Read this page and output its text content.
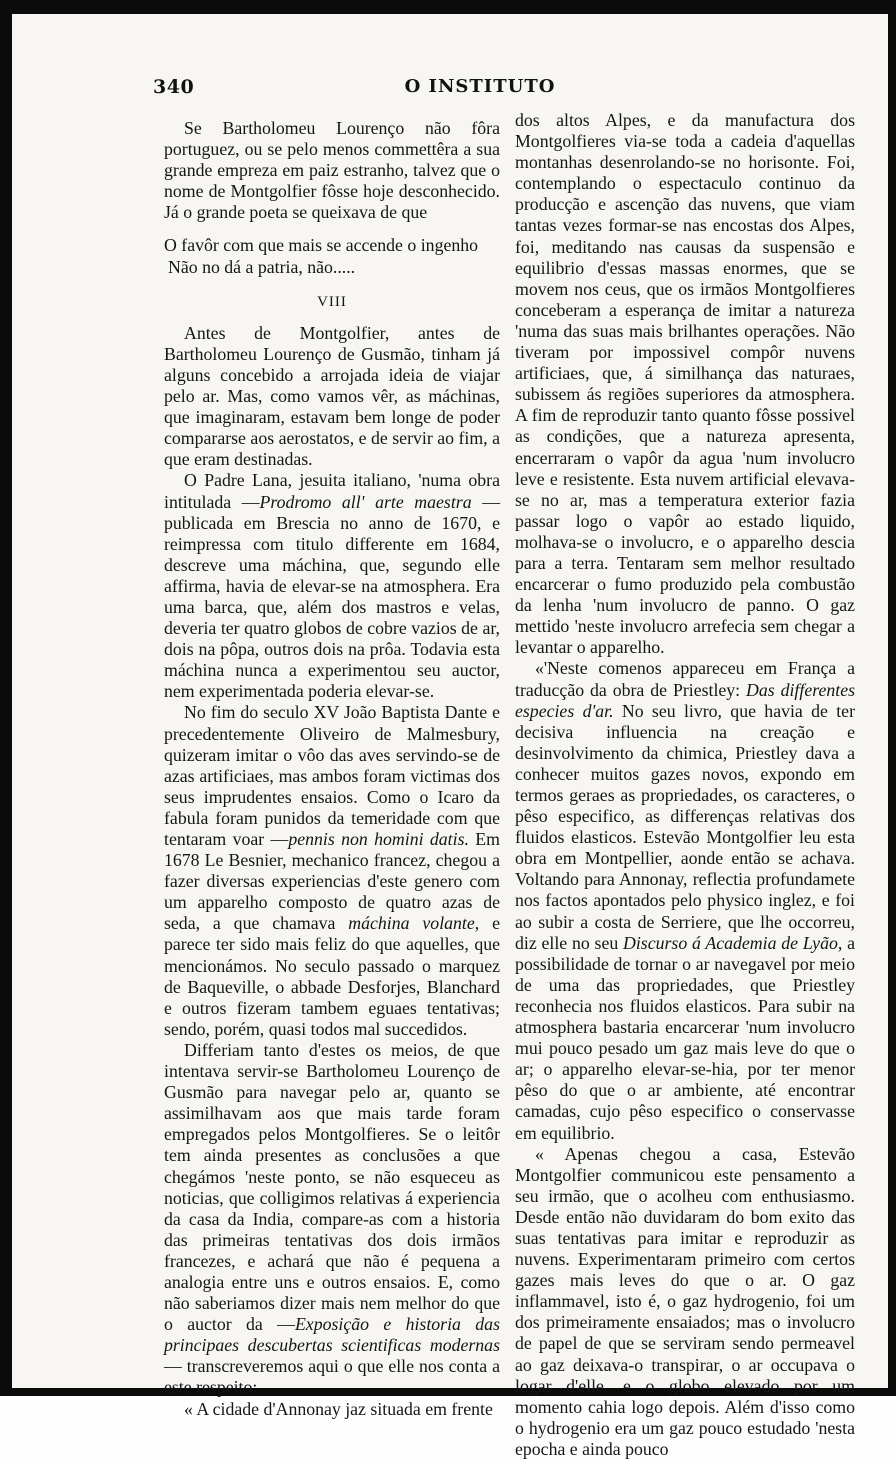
340	O INSTITUTO

Se Bartholomeu Lourenço não fôra portuguez, ou se pelo menos commettêra a sua grande empreza em paiz estranho, talvez que o nome de Montgolfier fôsse hoje desconhecido. Já o grande poeta se queixava de que

O favôr com que mais se accende o ingenho
Não no dá a patria, não.....
VIII

Antes de Montgolfier, antes de Bartholomeu Lourenço de Gusmão, tinham já alguns concebido a arrojada ideia de viajar pelo ar. Mas, como vamos vêr, as máchinas, que imaginaram, estavam bem longe de poder compararse aos aerostatos, e de servir ao fim, a que eram destinadas.

O Padre Lana, jesuita italiano, 'numa obra intitulada —Prodromo all' arte maestra — publicada em Brescia no anno de 1670, e reimpressa com titulo differente em 1684, descreve uma máchina, que, segundo elle affirma, havia de elevar-se na atmosphera. Era uma barca, que, além dos mastros e velas, deveria ter quatro globos de cobre vazios de ar, dois na pôpa, outros dois na prôa. Todavia esta máchina nunca a experimentou seu auctor, nem experimentada poderia elevar-se.

No fim do seculo XV João Baptista Dante e precedentemente Oliveiro de Malmesbury, quizeram imitar o vôo das aves servindo-se de azas artificiaes, mas ambos foram victimas dos seus imprudentes ensaios. Como o Icaro da fabula foram punidos da temeridade com que tentaram voar —pennis non homini datis. Em 1678 Le Besnier, mechanico francez, chegou a fazer diversas experiencias d'este genero com um apparelho composto de quatro azas de seda, a que chamava máchina volante, e parece ter sido mais feliz do que aquelles, que mencionámos. No seculo passado o marquez de Baqueville, o abbade Desforjes, Blanchard e outros fizeram tambem eguaes tentativas; sendo, porém, quasi todos mal succedidos.

Differiam tanto d'estes os meios, de que intentava servir-se Bartholomeu Lourenço de Gusmão para navegar pelo ar, quanto se assimilhavam aos que mais tarde foram empregados pelos Montgolfieres. Se o leitôr tem ainda presentes as conclusões a que chegámos 'neste ponto, se não esqueceu as noticias, que colligimos relativas á experiencia da casa da India, compare-as com a historia das primeiras tentativas dos dois irmãos francezes, e achará que não é pequena a analogia entre uns e outros ensaios. E, como não saberiamos dizer mais nem melhor do que o auctor da —Exposição e historia das principaes descubertas scientificas modernas — transcreveremos aqui o que elle nos conta a este respeito:

« A cidade d'Annonay jaz situada em frente

dos altos Alpes, e da manufactura dos Montgolfieres via-se toda a cadeia d'aquellas montanhas desenrolando-se no horisonte. Foi, contemplando o espectaculo continuo da producção e ascenção das nuvens, que viam tantas vezes formar-se nas encostas dos Alpes, foi, meditando nas causas da suspensão e equilibrio d'essas massas enormes, que se movem nos ceus, que os irmãos Montgolfieres conceberam a esperança de imitar a natureza 'numa das suas mais brilhantes operações. Não tiveram por impossivel compôr nuvens artificiaes, que, á similhança das naturaes, subissem ás regiões superiores da atmosphera. A fim de reproduzir tanto quanto fôsse possivel as condições, que a natureza apresenta, encerraram o vapôr da agua 'num involucro leve e resistente. Esta nuvem artificial elevava-se no ar, mas a temperatura exterior fazia passar logo o vapôr ao estado liquido, molhava-se o involucro, e o apparelho descia para a terra. Tentaram sem melhor resultado encarcerar o fumo produzido pela combustão da lenha 'num involucro de panno. O gaz mettido 'neste involucro arrefecia sem chegar a levantar o apparelho.

«'Neste comenos appareceu em França a traducção da obra de Priestley: Das differentes especies d'ar. No seu livro, que havia de ter decisiva influencia na creação e desinvolvimento da chimica, Priestley dava a conhecer muitos gazes novos, expondo em termos geraes as propriedades, os caracteres, o pêso especifico, as differenças relativas dos fluidos elasticos. Estevão Montgolfier leu esta obra em Montpellier, aonde então se achava. Voltando para Annonay, reflectia profundamete nos factos apontados pelo physico inglez, e foi ao subir a costa de Serriere, que lhe occorreu, diz elle no seu Discurso á Academia de Lyão, a possibilidade de tornar o ar navegavel por meio de uma das propriedades, que Priestley reconhecia nos fluidos elasticos. Para subir na atmosphera bastaria encarcerar 'num involucro mui pouco pesado um gaz mais leve do que o ar; o apparelho elevar-se-hia, por ter menor pêso do que o ar ambiente, até encontrar camadas, cujo pêso especifico o conservasse em equilibrio.

« Apenas chegou a casa, Estevão Montgolfier communicou este pensamento a seu irmão, que o acolheu com enthusiasmo. Desde então não duvidaram do bom exito das suas tentativas para imitar e reproduzir as nuvens. Experimentaram primeiro com certos gazes mais leves do que o ar. O gaz inflammavel, isto é, o gaz hydrogenio, foi um dos primeiramente ensaiados; mas o involucro de papel de que se serviram sendo permeavel ao gaz deixava-o transpirar, o ar occupava o logar d'elle, e o globo elevado por um momento cahia logo depois. Além d'isso como o hydrogenio era um gaz pouco estudado 'nesta epocha e ainda pouco
